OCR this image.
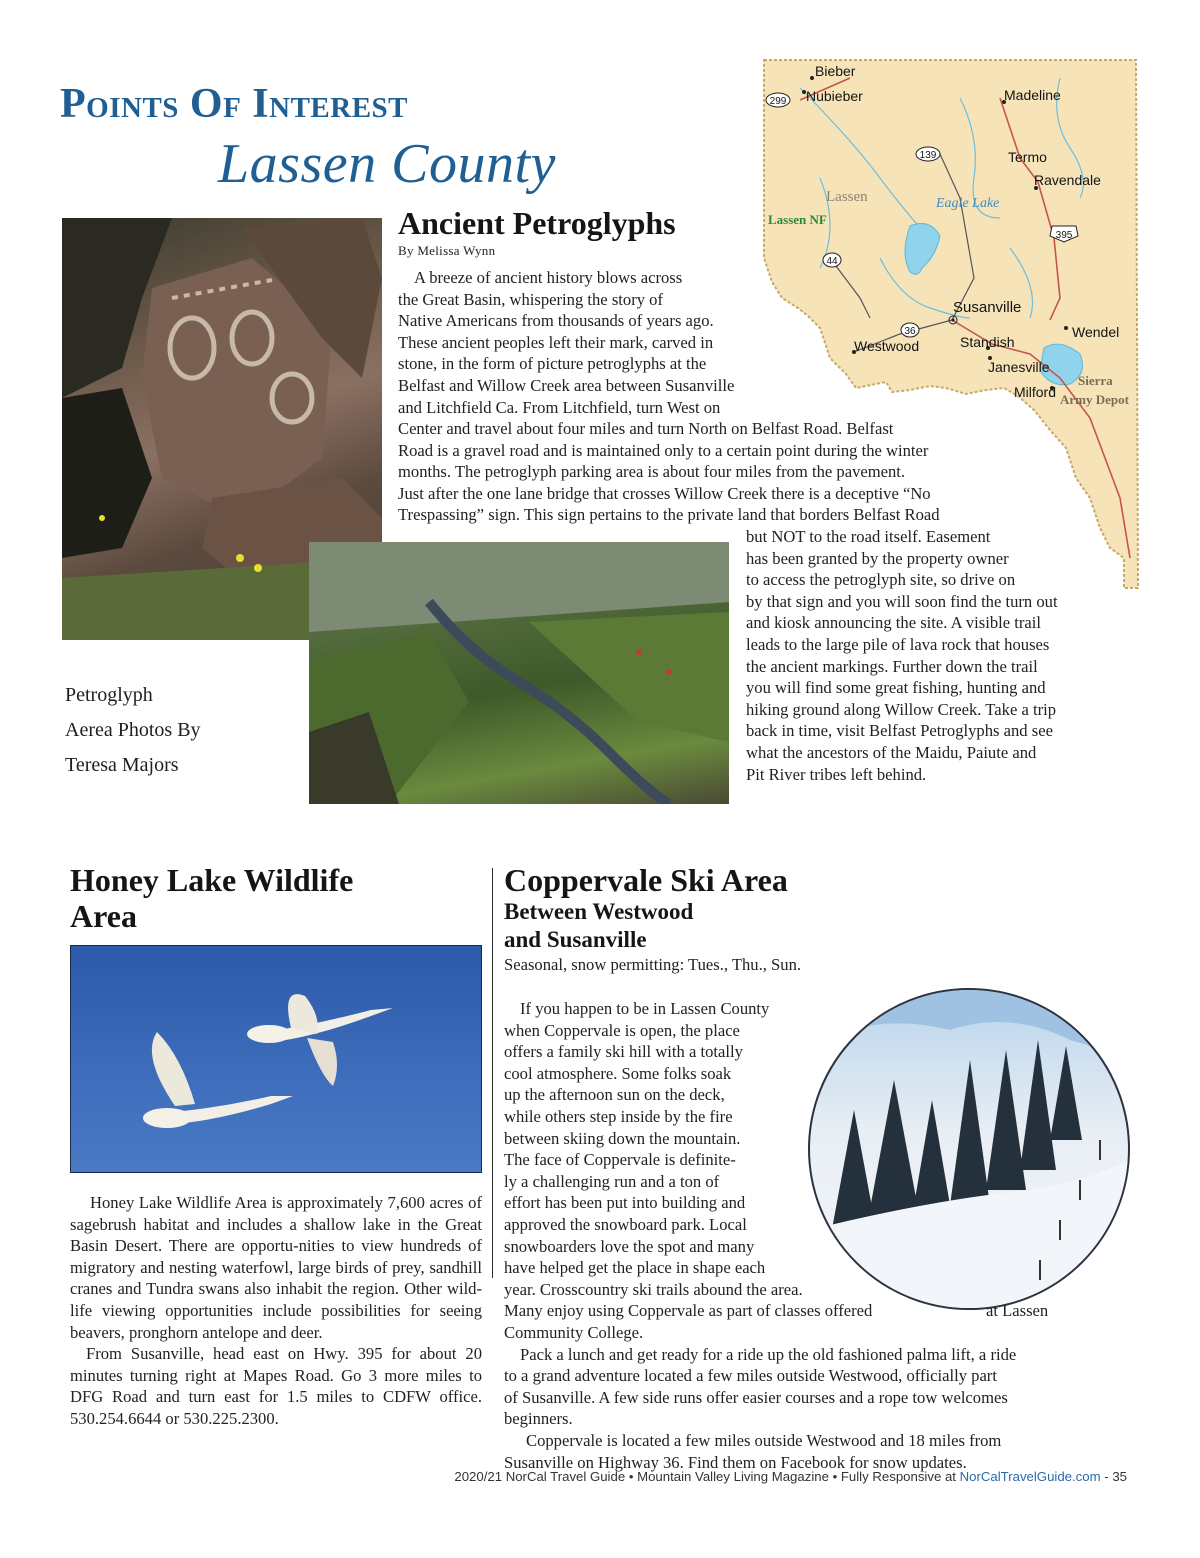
Points Of Interest
Lassen County
299
139
395
44
36
Bieber
Nubieber	Madeline
Termo
Ravendale
Susanville
Wendel
Westwood	Standish
Janesville
Milford
Lassen
Lassen NF
Eagle Lake
Sierra
Army Depot
Petroglyph
Aerea Photos By
Teresa Majors
Ancient Petroglyphs
By Melissa Wynn
A breeze of ancient history blows across
the Great Basin, whispering the story of
Native Americans from thousands of years ago.
These ancient peoples left their mark, carved in
stone, in the form of picture petroglyphs at the
Belfast and Willow Creek area between Susanville
and Litchfield Ca. From Litchfield, turn West on
Center and travel about four miles and turn North on Belfast Road. Belfast
Road is a gravel road and is maintained only to a certain point during the winter
months. The petroglyph parking area is about four miles from the pavement.
Just after the one lane bridge that crosses Willow Creek there is a deceptive “No
Trespassing” sign. This sign pertains to the private land that borders Belfast Road
but NOT to the road itself. Easement
has been granted by the property owner
to access the petroglyph site, so drive on
by that sign and you will soon find the turn out
and kiosk announcing the site. A visible trail
leads to the large pile of lava rock that houses
the ancient markings. Further down the trail
you will find some great fishing, hunting and
hiking ground along Willow Creek. Take a trip
back in time, visit Belfast Petroglyphs and see
what the ancestors of the Maidu, Paiute and
Pit River tribes left behind.
Honey Lake Wildlife
Area

Honey Lake Wildlife Area is approximately 7,600 acres of sagebrush habitat and includes a shallow lake in the Great Basin Desert. There are opportu-nities to view hundreds of migratory and nesting waterfowl, large birds of prey, sandhill cranes and Tundra swans also inhabit the region. Other wild-life viewing opportunities include possibilities for seeing beavers, pronghorn antelope and deer.

From Susanville, head east on Hwy. 395 for about 20 minutes turning right at Mapes Road. Go 3 more miles to DFG Road and turn east for 1.5 miles to CDFW office. 530.254.6644 or 530.225.2300.

Coppervale Ski Area
Between Westwood
and Susanville
Seasonal, snow permitting: Tues., Thu., Sun.
If you happen to be in Lassen County
when Coppervale is open, the place
offers a family ski hill with a totally
cool atmosphere. Some folks soak
up the afternoon sun on the deck,
while others step inside by the fire
between skiing down the mountain.
The face of Coppervale is definite-
ly a challenging run and a ton of
effort has been put into building and
approved the snowboard park. Local
snowboarders love the spot and many
have helped get the place in shape each
year. Crosscountry ski trails abound the area.
Many enjoy using Coppervale as part of classes offered	at Lassen
Community College.
Pack a lunch and get ready for a ride up the old fashioned palma lift, a ride
to a grand adventure located a few miles outside Westwood, officially part
of Susanville. A few side runs offer easier courses and a rope tow welcomes
beginners.
Coppervale is located a few miles outside Westwood and 18 miles from
Susanville on Highway 36. Find them on Facebook for snow updates.
2020/21 NorCal Travel Guide • Mountain Valley Living Magazine • Fully Responsive at NorCalTravelGuide.com - 35
